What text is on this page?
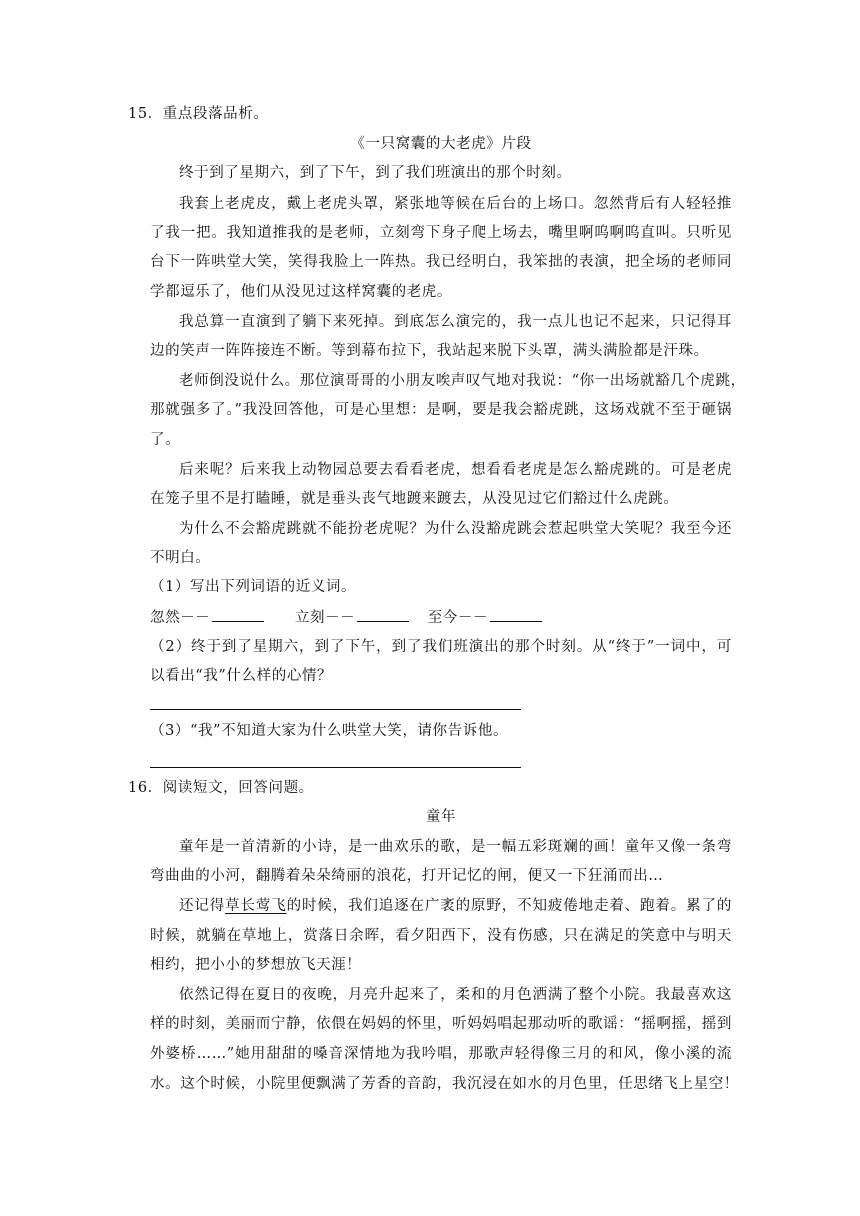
15．重点段落品析。
《一只窝囊的大老虎》片段
终于到了星期六，到了下午，到了我们班演出的那个时刻。
我套上老虎皮，戴上老虎头罩，紧张地等候在后台的上场口。忽然背后有人轻轻推
了我一把。我知道推我的是老师，立刻弯下身子爬上场去，嘴里啊呜啊呜直叫。只听见
台下一阵哄堂大笑，笑得我脸上一阵热。我已经明白，我笨拙的表演，把全场的老师同
学都逗乐了，他们从没见过这样窝囊的老虎。
我总算一直演到了躺下来死掉。到底怎么演完的，我一点儿也记不起来，只记得耳
边的笑声一阵阵接连不断。等到幕布拉下，我站起来脱下头罩，满头满脸都是汗珠。
老师倒没说什么。那位演哥哥的小朋友唉声叹气地对我说：“你一出场就豁几个虎跳，
那就强多了。”我没回答他，可是心里想：是啊，要是我会豁虎跳，这场戏就不至于砸锅
了。
后来呢？后来我上动物园总要去看看老虎，想看看老虎是怎么豁虎跳的。可是老虎
在笼子里不是打瞌睡，就是垂头丧气地踱来踱去，从没见过它们豁过什么虎跳。
为什么不会豁虎跳就不能扮老虎呢？为什么没豁虎跳会惹起哄堂大笑呢？我至今还
不明白。
（1）写出下列词语的近义词。
忽然－－	立刻－－	至今－－
（2）终于到了星期六，到了下午，到了我们班演出的那个时刻。从“终于”一词中，可
以看出“我”什么样的心情？
（3）“我”不知道大家为什么哄堂大笑，请你告诉他。
16．阅读短文，回答问题。
童年
童年是一首清新的小诗，是一曲欢乐的歌，是一幅五彩斑斓的画！童年又像一条弯
弯曲曲的小河，翻腾着朵朵绮丽的浪花，打开记忆的闸，便又一下狂涌而出…
还记得草长莺飞的时候，我们追逐在广袤的原野，不知疲倦地走着、跑着。累了的
时候，就躺在草地上，赏落日余晖，看夕阳西下，没有伤感，只在满足的笑意中与明天
相约，把小小的梦想放飞天涯！
依然记得在夏日的夜晚，月亮升起来了，柔和的月色洒满了整个小院。我最喜欢这
样的时刻，美丽而宁静，依偎在妈妈的怀里，听妈妈唱起那动听的歌谣：“摇啊摇，摇到
外婆桥……”她用甜甜的嗓音深情地为我吟唱，那歌声轻得像三月的和风，像小溪的流
水。这个时候，小院里便飘满了芳香的音韵，我沉浸在如水的月色里，任思绪飞上星空！
